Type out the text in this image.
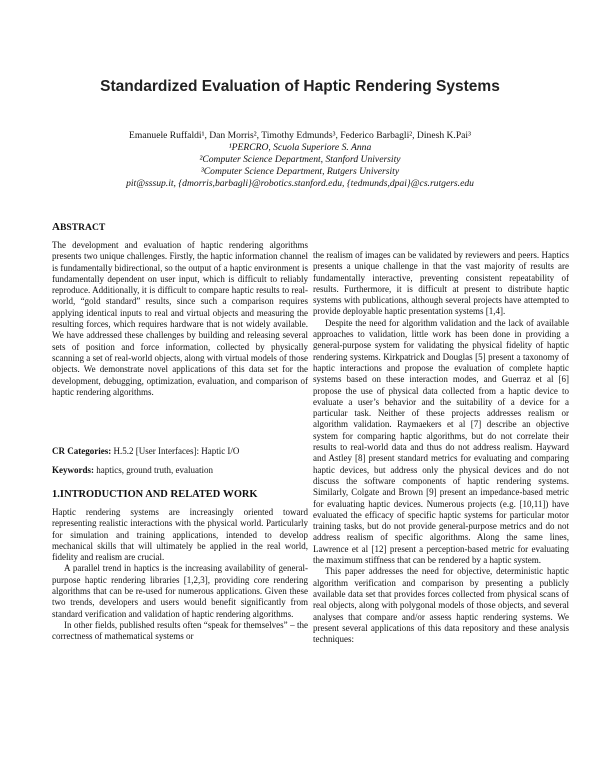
Standardized Evaluation of Haptic Rendering Systems
Emanuele Ruffaldi¹, Dan Morris², Timothy Edmunds³, Federico Barbagli², Dinesh K.Pai³
¹PERCRO, Scuola Superiore S. Anna
²Computer Science Department, Stanford University
³Computer Science Department, Rutgers University
pit@sssup.it, {dmorris,barbagli}@robotics.stanford.edu, {tedmunds,dpai}@cs.rutgers.edu
ABSTRACT

The development and evaluation of haptic rendering algorithms presents two unique challenges. Firstly, the haptic information channel is fundamentally bidirectional, so the output of a haptic environment is fundamentally dependent on user input, which is difficult to reliably reproduce. Additionally, it is difficult to compare haptic results to real-world, “gold standard” results, since such a comparison requires applying identical inputs to real and virtual objects and measuring the resulting forces, which requires hardware that is not widely available. We have addressed these challenges by building and releasing several sets of position and force information, collected by physically scanning a set of real-world objects, along with virtual models of those objects. We demonstrate novel applications of this data set for the development, debugging, optimization, evaluation, and comparison of haptic rendering algorithms.

CR Categories: H.5.2 [User Interfaces]: Haptic I/O
Keywords: haptics, ground truth, evaluation
1.INTRODUCTION AND RELATED WORK

Haptic rendering systems are increasingly oriented toward representing realistic interactions with the physical world. Particularly for simulation and training applications, intended to develop mechanical skills that will ultimately be applied in the real world, fidelity and realism are crucial.

A parallel trend in haptics is the increasing availability of general-purpose haptic rendering libraries [1,2,3], providing core rendering algorithms that can be re-used for numerous applications. Given these two trends, developers and users would benefit significantly from standard verification and validation of haptic rendering algorithms.

In other fields, published results often “speak for themselves” – the correctness of mathematical systems or

the realism of images can be validated by reviewers and peers. Haptics presents a unique challenge in that the vast majority of results are fundamentally interactive, preventing consistent repeatability of results. Furthermore, it is difficult at present to distribute haptic systems with publications, although several projects have attempted to provide deployable haptic presentation systems [1,4].

Despite the need for algorithm validation and the lack of available approaches to validation, little work has been done in providing a general-purpose system for validating the physical fidelity of haptic rendering systems. Kirkpatrick and Douglas [5] present a taxonomy of haptic interactions and propose the evaluation of complete haptic systems based on these interaction modes, and Guerraz et al [6] propose the use of physical data collected from a haptic device to evaluate a user’s behavior and the suitability of a device for a particular task. Neither of these projects addresses realism or algorithm validation. Raymaekers et al [7] describe an objective system for comparing haptic algorithms, but do not correlate their results to real-world data and thus do not address realism. Hayward and Astley [8] present standard metrics for evaluating and comparing haptic devices, but address only the physical devices and do not discuss the software components of haptic rendering systems. Similarly, Colgate and Brown [9] present an impedance-based metric for evaluating haptic devices. Numerous projects (e.g. [10,11]) have evaluated the efficacy of specific haptic systems for particular motor training tasks, but do not provide general-purpose metrics and do not address realism of specific algorithms. Along the same lines, Lawrence et al [12] present a perception-based metric for evaluating the maximum stiffness that can be rendered by a haptic system.

This paper addresses the need for objective, deterministic haptic algorithm verification and comparison by presenting a publicly available data set that provides forces collected from physical scans of real objects, along with polygonal models of those objects, and several analyses that compare and/or assess haptic rendering systems. We present several applications of this data repository and these analysis techniques:
